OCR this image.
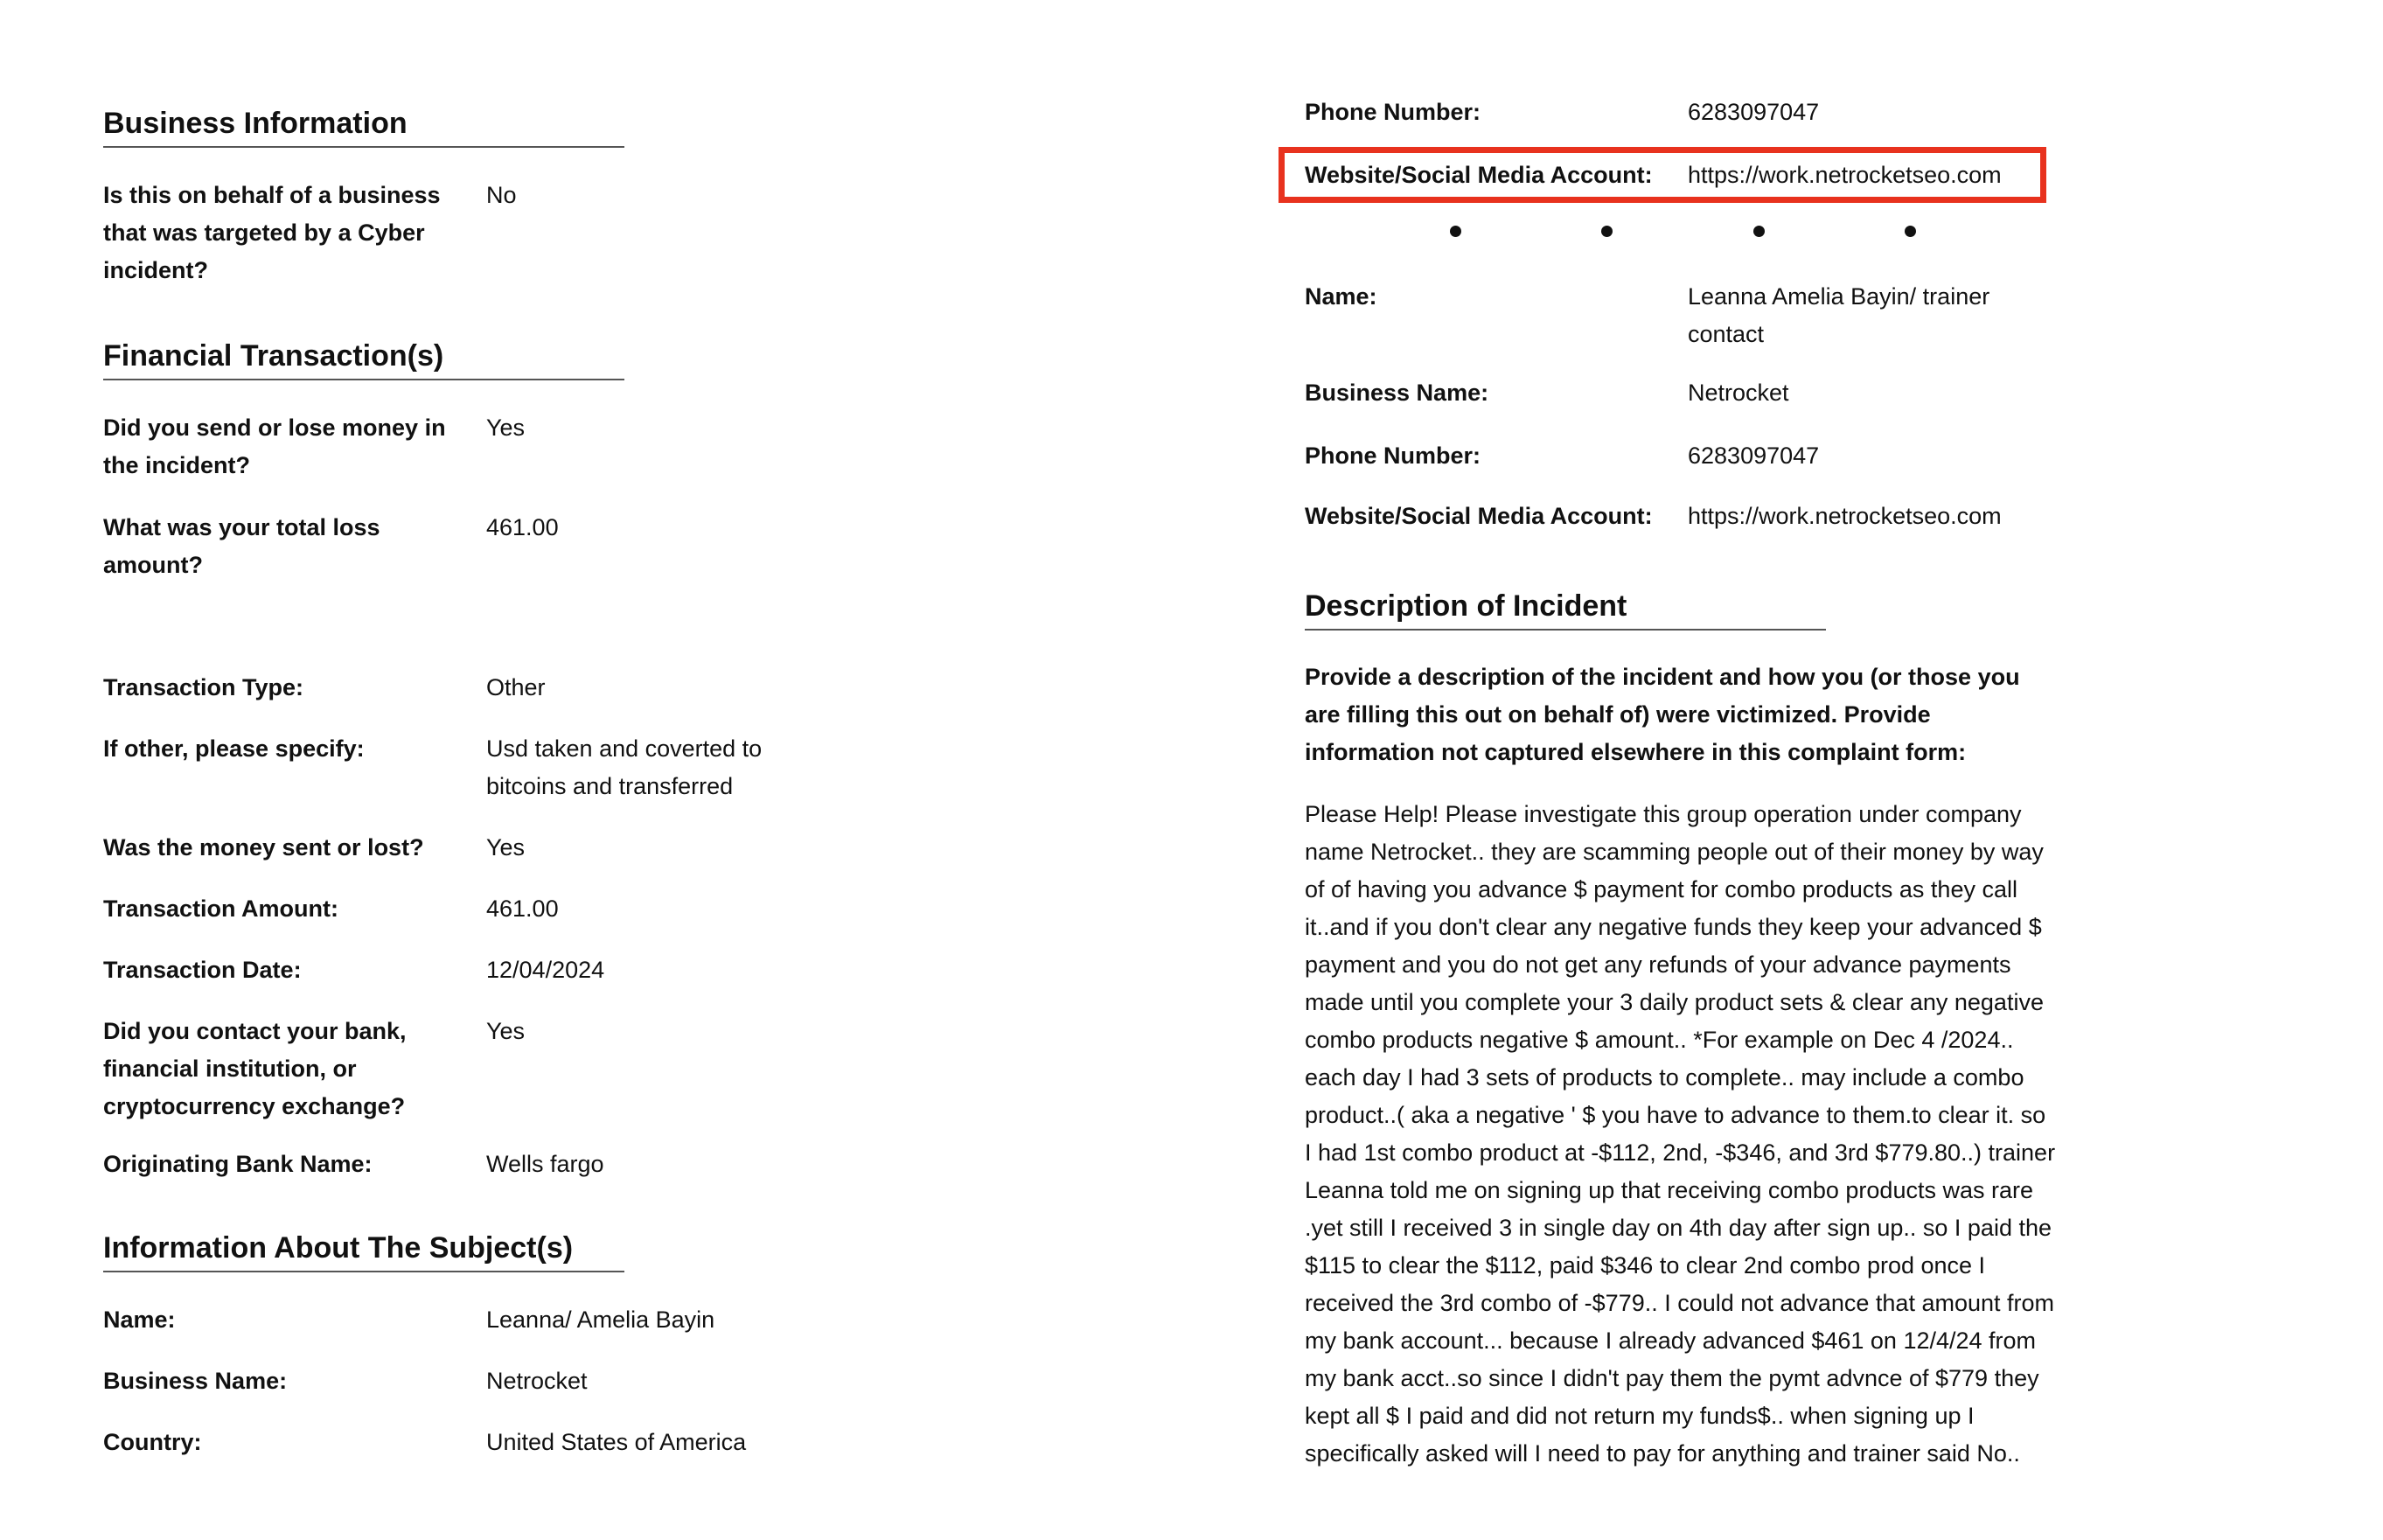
Business Information
Is this on behalf of a business that was targeted by a Cyber incident?
No
Financial Transaction(s)
Did you send or lose money in the incident?
Yes
What was your total loss amount?
461.00
Transaction Type:	Other
If other, please specify:	Usd taken and coverted to bitcoins and transferred
Was the money sent or lost?	Yes
Transaction Amount:	461.00
Transaction Date:	12/04/2024
Did you contact your bank, financial institution, or cryptocurrency exchange?
Yes
Originating Bank Name:	Wells fargo
Information About The Subject(s)
Name:	Leanna/ Amelia Bayin
Business Name:	Netrocket
Country:	United States of America
Phone Number:	6283097047
Website/Social Media Account:	https://work.netrocketseo.com
Name:	Leanna Amelia Bayin/ trainer contact
Business Name:	Netrocket
Phone Number:	6283097047
Website/Social Media Account:	https://work.netrocketseo.com
Description of Incident
Provide a description of the incident and how you (or those you are filling this out on behalf of) were victimized. Provide information not captured elsewhere in this complaint form:
Please Help! Please investigate this group operation under company name Netrocket.. they are scamming people out of their money by way of of having you advance $ payment for combo products as they call it..and if you don't clear any negative funds they keep your advanced $ payment and you do not get any refunds of your advance payments made until you complete your 3 daily product sets & clear any negative combo products negative $ amount.. *For example on Dec 4 /2024.. each day I had 3 sets of products to complete.. may include a combo product..( aka a negative ' $ you have to advance to them.to clear it. so I had 1st combo product at -$112, 2nd, -$346, and 3rd $779.80..) trainer Leanna told me on signing up that receiving combo products was rare .yet still I received 3 in single day on 4th day after sign up.. so I paid the $115 to clear the $112, paid $346 to clear 2nd combo prod once I received the 3rd combo of -$779.. I could not advance that amount from my bank account... because I already advanced $461 on 12/4/24 from my bank acct..so since I didn't pay them the pymt advnce of $779 they kept all $ I paid and did not return my funds$.. when signing up I specifically asked will I need to pay for anything and trainer said No..
